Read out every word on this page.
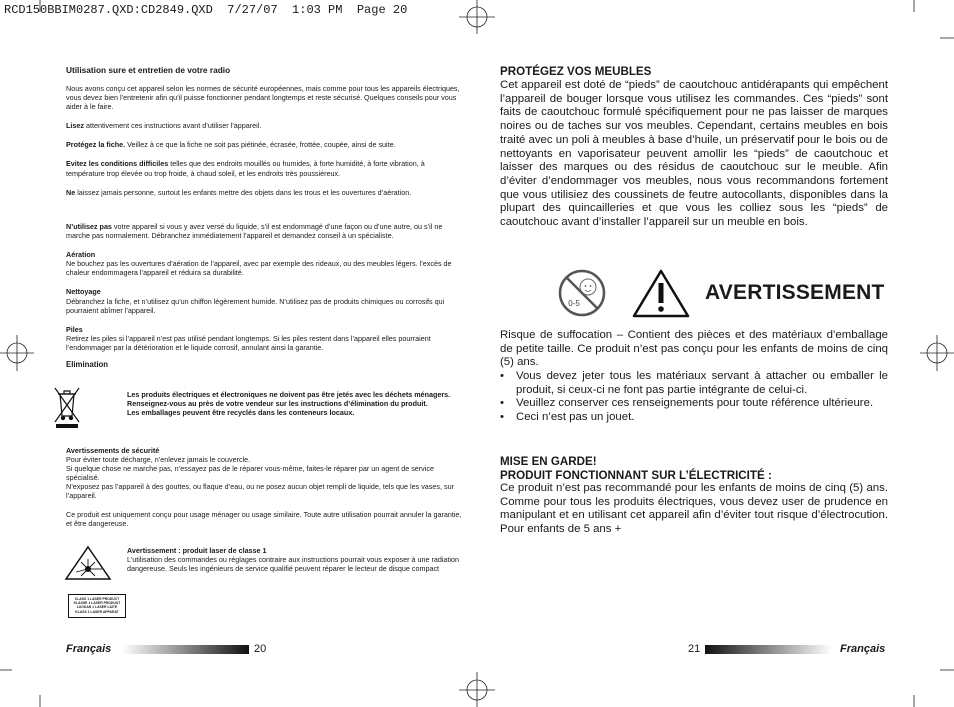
RCD150BBIM0287.QXD:CD2849.QXD  7/27/07  1:03 PM  Page 20
Utilisation sure et entretien de votre radio

Nous avons conçu cet appareil selon les normes de sécurité européennes, mais comme pour tous les appareils électriques, vous devez bien l’entretenir afin qu’il puisse fonctionner pendant longtemps et reste sécurisé. Quelques conseils pour vous aider à le faire.

Lisez attentivement ces instructions avant d’utiliser l’appareil.

Protégez la fiche. Veillez à ce que la fiche ne soit pas piétinée, écrasée, frottée, coupée, ainsi de suite.

Evitez les conditions difficiles telles que des endroits mouillés ou humides, à forte humidité, à forte vibration, à température trop élevée ou trop froide, à chaud soleil, et les endroits très poussiéreux.

Ne laissez jamais personne, surtout les enfants mettre des objets dans les trous et les ouvertures d’aération.

N’utilisez pas votre appareil si vous y avez versé du liquide, s’il est endommagé d’une façon ou d’une autre, ou s’il ne marche pas normalement. Débranchez immédiatement l’appareil et demandez conseil à un spécialiste.

Aération
Ne bouchez pas les ouvertures d’aération de l’appareil, avec par exemple des rideaux, ou des meubles légers. l’excès de chaleur endommagera l’appareil et réduira sa durabilité.

Nettoyage
Débranchez la fiche, et n’utilisez qu’un chiffon légèrement humide. N’utilisez pas de produits chimiques ou corrosifs qui pourraient abîmer l’appareil.

Piles
Retirez les piles si l’appareil n’est pas utilisé pendant longtemps. Si les piles restent dans l’appareil elles pourraient l’endommager par la détérioration et le liquide corrosif, annulant ainsi la garantie.

Elimination
Les produits électriques et électroniques ne doivent pas être jetés avec les déchets ménagers. Renseignez-vous au près de votre vendeur sur les instructions d’élimination du produit.
Les emballages peuvent être recyclés dans les conteneurs locaux.
Avertissements de sécurité
Pour éviter toute décharge, n’enlevez jamais le couvercle.
Si quelque chose ne marche pas, n’essayez pas de le réparer vous-même, faites-le réparer par un agent de service spécialisé.
N’exposez pas l’appareil à des gouttes, ou flaque d’eau, ou ne posez aucun objet rempli de liquide, tels que les vases, sur l’appareil.
Ce produit est uniquement conçu pour usage ménager ou usage similaire. Toute autre utilisation pourrait annuler la garantie, et être dangereuse.
Avertissement : produit laser de classe 1
L’utilisation des commandes ou réglages contraire aux instructions pourrait vous exposer à une radiation dangereuse. Seuls les ingénieurs de service qualifié peuvent réparer le lecteur de disque compact
CLASS 1 LASER PRODUCT
KLASSE 1 LASER PRODUKT
LUOKAN 1 LASER LAITE
KLASS 1 LASER APPARAT
Français	20
PROTÉGEZ VOS MEUBLES
Cet appareil est doté de “pieds” de caoutchouc antidérapants qui empêchent l’appareil de bouger lorsque vous utilisez les commandes. Ces “pieds” sont faits de caoutchouc formulé spécifiquement pour ne pas laisser de marques noires ou de taches sur vos meubles. Cependant, certains meubles en bois traité avec un poli à meubles à base d’huile, un préservatif pour le bois ou de nettoyants en vaporisateur peuvent amollir les “pieds” de caoutchouc et laisser des marques ou des résidus de caoutchouc sur le meuble. Afin d’éviter d’endommager vos meubles, nous vous recommandons fortement que vous utilisiez des coussinets de feutre autocollants, disponibles dans la plupart des quincailleries et que vous les colliez sous les “pieds” de caoutchouc avant d’installer l’appareil sur un meuble en bois.
0-5	AVERTISSEMENT
Risque de suffocation – Contient des pièces et des matériaux d’emballage de petite taille. Ce produit n’est pas conçu pour les enfants de moins de cinq (5) ans.
• Vous devez jeter tous les matériaux servant à attacher ou emballer le produit, si ceux-ci ne font pas partie intégrante de celui-ci.
• Veuillez conserver ces renseignements pour toute référence ultérieure.
• Ceci n’est pas un jouet.
MISE EN GARDE!
PRODUIT FONCTIONNANT SUR L’ÉLECTRICITÉ :
Ce produit n’est pas recommandé pour les enfants de moins de cinq (5) ans. Comme pour tous les produits électriques, vous devez user de prudence en manipulant et en utilisant cet appareil afin d’éviter tout risque d’électrocution. Pour enfants de 5 ans +
21	Français
